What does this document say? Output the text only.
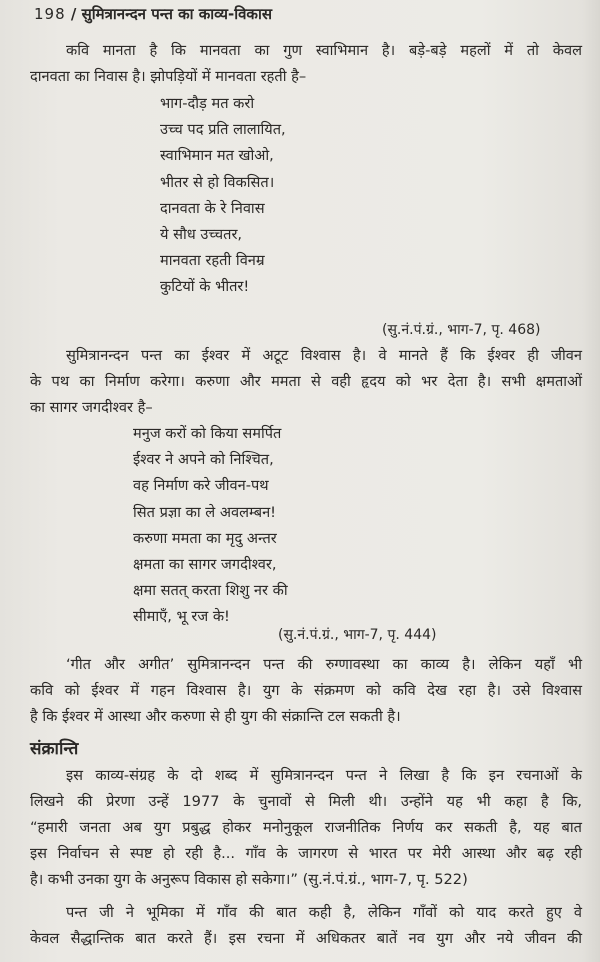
198 / सुमित्रानन्दन पन्त का काव्य-विकास
कवि मानता है कि मानवता का गुण स्वाभिमान है। बड़े-बड़े महलों में तो केवल
दानवता का निवास है। झोपड़ियों में मानवता रहती है–
भाग-दौड़ मत करो
उच्च पद प्रति लालायित,
स्वाभिमान मत खोओ,
भीतर से हो विकसित।
दानवता के रे निवास
ये सौध उच्चतर,
मानवता रहती विनम्र
कुटियों के भीतर!
(सु.नं.पं.ग्रं., भाग-7, पृ. 468)
सुमित्रानन्दन पन्त का ईश्वर में अटूट विश्वास है। वे मानते हैं कि ईश्वर ही जीवन
के पथ का निर्माण करेगा। करुणा और ममता से वही हृदय को भर देता है। सभी क्षमताओं
का सागर जगदीश्वर है–
मनुज करों को किया समर्पित
ईश्वर ने अपने को निश्चित,
वह निर्माण करे जीवन-पथ
सित प्रज्ञा का ले अवलम्बन!
करुणा ममता का मृदु अन्तर
क्षमता का सागर जगदीश्वर,
क्षमा सतत् करता शिशु नर की
सीमाएँ, भू रज के!
(सु.नं.पं.ग्रं., भाग-7, पृ. 444)
‘गीत और अगीत’ सुमित्रानन्दन पन्त की रुग्णावस्था का काव्य है। लेकिन यहाँ भी
कवि को ईश्वर में गहन विश्वास है। युग के संक्रमण को कवि देख रहा है। उसे विश्वास
है कि ईश्वर में आस्था और करुणा से ही युग की संक्रान्ति टल सकती है।
संक्रान्ति
इस काव्य-संग्रह के दो शब्द में सुमित्रानन्दन पन्त ने लिखा है कि इन रचनाओं के
लिखने की प्रेरणा उन्हें 1977 के चुनावों से मिली थी। उन्होंने यह भी कहा है कि,
“हमारी जनता अब युग प्रबुद्ध होकर मनोनुकूल राजनीतिक निर्णय कर सकती है, यह बात
इस निर्वाचन से स्पष्ट हो रही है... गाँव के जागरण से भारत पर मेरी आस्था और बढ़ रही
है। कभी उनका युग के अनुरूप विकास हो सकेगा।” (सु.नं.पं.ग्रं., भाग-7, पृ. 522)
पन्त जी ने भूमिका में गाँव की बात कही है, लेकिन गाँवों को याद करते हुए वे
केवल सैद्धान्तिक बात करते हैं। इस रचना में अधिकतर बातें नव युग और नये जीवन की
